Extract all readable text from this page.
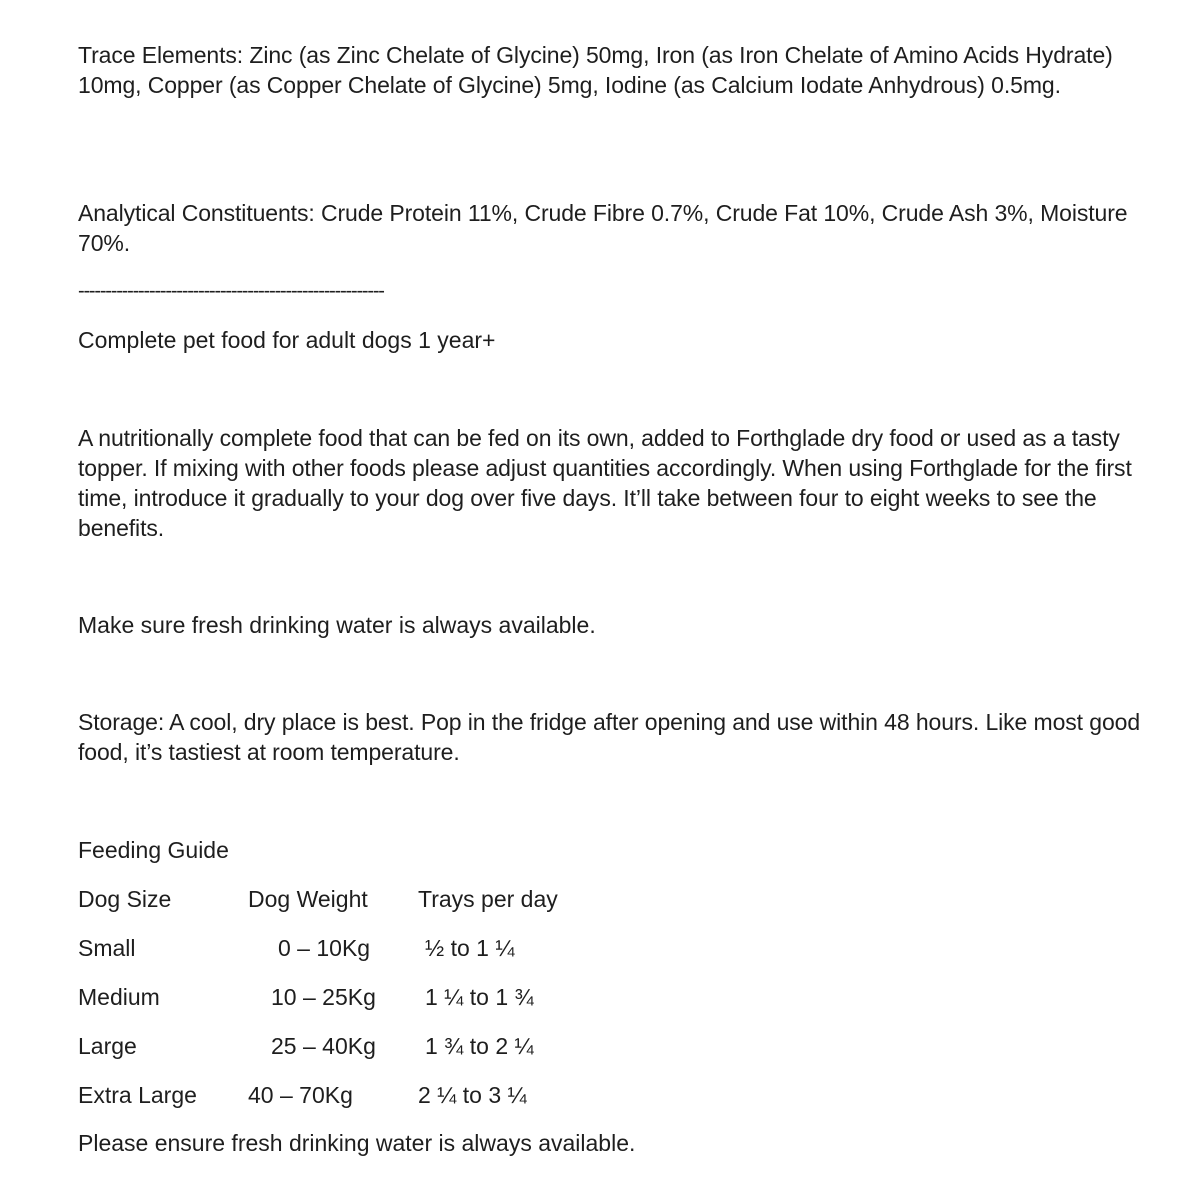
Trace Elements: Zinc (as Zinc Chelate of Glycine) 50mg, Iron (as Iron Chelate of Amino Acids Hydrate) 10mg, Copper (as Copper Chelate of Glycine) 5mg, Iodine (as Calcium Iodate Anhydrous) 0.5mg.
Analytical Constituents: Crude Protein 11%, Crude Fibre 0.7%, Crude Fat 10%, Crude Ash 3%, Moisture 70%.
--------------------------------------------------------
Complete pet food for adult dogs 1 year+
A nutritionally complete food that can be fed on its own, added to Forthglade dry food or used as a tasty topper. If mixing with other foods please adjust quantities accordingly. When using Forthglade for the first time, introduce it gradually to your dog over five days. It’ll take between four to eight weeks to see the benefits.
Make sure fresh drinking water is always available.
Storage: A cool, dry place is best. Pop in the fridge after opening and use within 48 hours. Like most good food, it’s tastiest at room temperature.
Feeding Guide
Dog Size	Dog Weight Trays per day
Small	0 – 10Kg ½ to 1 ¼
Medium	10 – 25Kg 1 ¼ to 1 ¾
Large	25 – 40Kg 1 ¾ to 2 ¼
Extra Large 40 – 70Kg	2 ¼ to 3 ¼
Please ensure fresh drinking water is always available.
